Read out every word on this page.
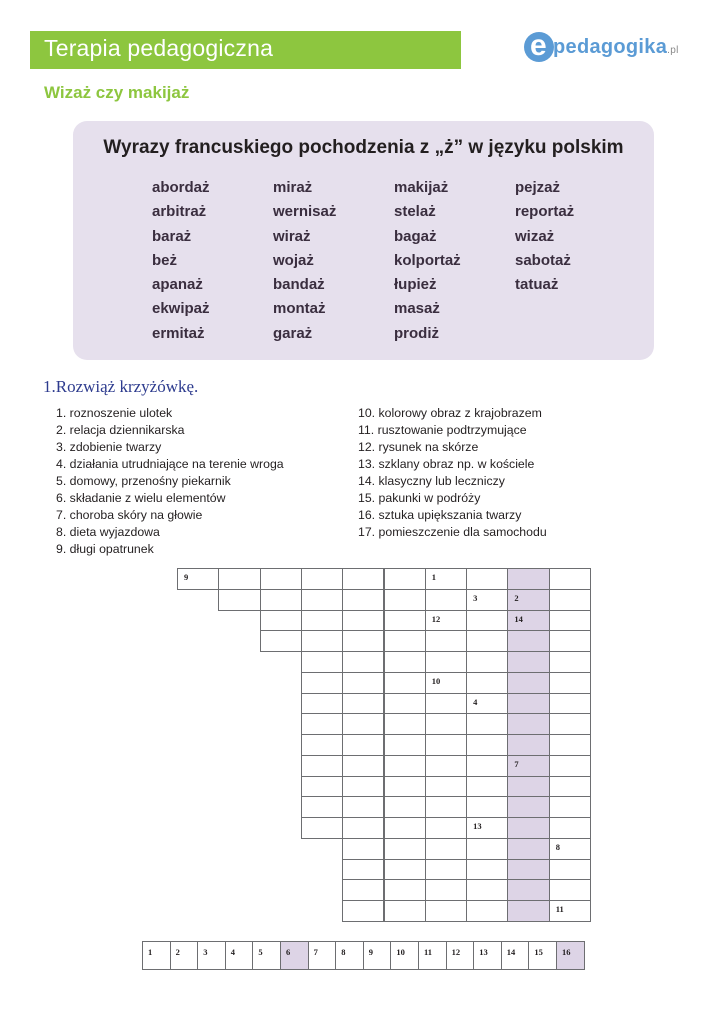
Terapia pedagogiczna	e pedagogika.pl
Wizaż czy makijaż
Wyrazy francuskiego pochodzenia z „ż” w języku polskim
abordaż
arbitraż
baraż
beż
apanaż
ekwipaż
ermitaż
miraż
wernisaż
wiraż
wojaż
bandaż
montaż
garaż
makijaż
stelaż
bagaż
kolportaż
łupież
masaż
prodiż
pejzaż
reportaż
wizaż
sabotaż
tatuaż
1.Rozwiąż krzyżówkę.
1. roznoszenie ulotek
2. relacja dziennikarska
3. zdobienie twarzy
4. działania utrudniające na terenie wroga
5. domowy, przenośny piekarnik
6. składanie z wielu elementów
7. choroba skóry na głowie
8. dieta wyjazdowa
9. długi opatrunek
10. kolorowy obraz z krajobrazem
11. rusztowanie podtrzymujące
12. rysunek na skórze
13. szklany obraz np. w kościele
14. klasyczny lub leczniczy
15. pakunki w podróży
16. sztuka upiększania twarzy
17. pomieszczenie dla samochodu
9	1
3	2
12	14
10
4
7
13
8
11
1	2	3	4	5	6	7	8	9	10 11 12 13 14 15 16
